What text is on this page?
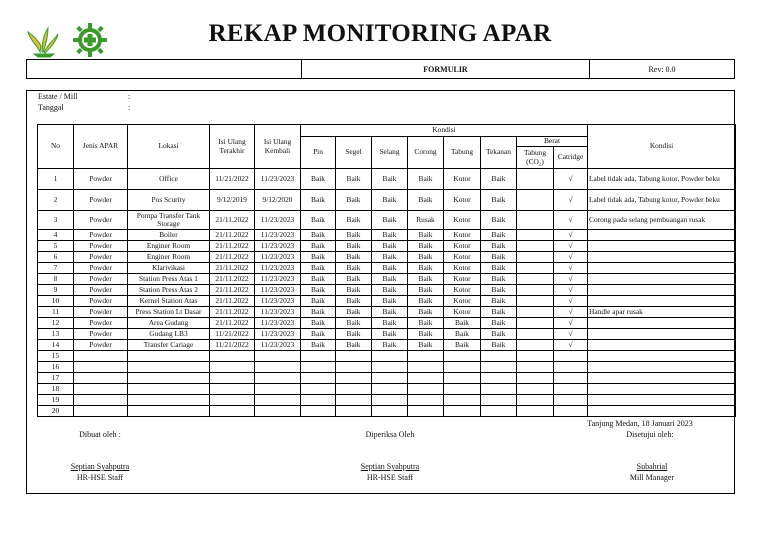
REKAP MONITORING APAR
FORMULIR	Rev: 0.0
Estate / Mill	:
Tanggal	:
No	Jenis APAR	Lokasi	Isi Ulang Terakhir	Isi Ulang Kembali	Kondisi								Kondisi
					Pin	Segel	Selang	Corong	Tabung	Tekanan	Berat		
											Tabung (CO₂)	Catridge	
1	Powder	Office	11/21/2022	11/23/2023	Baik	Baik	Baik	Baik	Kotor	Baik		√	Label tidak ada, Tabung kotor, Powder beku
2	Powder	Pos Scurity	9/12/2019	9/12/2020	Baik	Baik	Baik	Baik	Kotor	Baik		√	Label tidak ada, Tabung kotor, Powder beku
3	Powder	Pompa Transfer Tank Storage	21/11.2022	11/23/2023	Baik	Baik	Baik	Rusak	Kotor	Baik		√	Corong pada selang pembuangan rusak
4	Powder	Boiler	21/11.2022	11/23/2023	Baik	Baik	Baik	Baik	Kotor	Baik		√	
5	Powder	Enginer Room	21/11.2022	11/23/2023	Baik	Baik	Baik	Baik	Kotor	Baik		√	
6	Powder	Enginer Room	21/11.2022	11/23/2023	Baik	Baik	Baik	Baik	Kotor	Baik		√	
7	Powder	Klarivikasi	21/11.2022	11/23/2023	Baik	Baik	Baik	Baik	Kotor	Baik		√	
8	Powder	Station Press Atas 1	21/11.2022	11/23/2023	Baik	Baik	Baik	Baik	Kotor	Baik		√	
9	Powder	Station Press Atas 2	21/11.2022	11/23/2023	Baik	Baik	Baik	Baik	Kotor	Baik		√	
10	Powder	Kernel Station Atas	21/11.2022	11/23/2023	Baik	Baik	Baik	Baik	Kotor	Baik		√	
11	Powder	Press Station Lt Dasar	21/11.2022	11/23/2023	Baik	Baik	Baik	Baik	Kotor	Baik		√	Handle apar rusak
12	Powder	Area Gudang	21/11.2022	11/23/2023	Baik	Baik	Baik	Baik	Baik	Baik		√	
13	Powder	Gudang LB3	11/21/2022	11/23/2023	Baik	Baik	Baik	Baik	Baik	Baik		√	
14	Powder	Transfer Cariage	11/21/2022	11/23/2023	Baik	Baik	Baik	Baik	Baik	Baik		√	
15													
16													
17													
18													
19													
20													
Tanjung Medan, 18 Januari 2023
Dibuat oleh :	Diperiksa Oleh	Disetujui oleh:
Septian Syahputra
HR-HSE Staff
Septian Syahputra
HR-HSE Staff
Subahrial
Mill Manager
